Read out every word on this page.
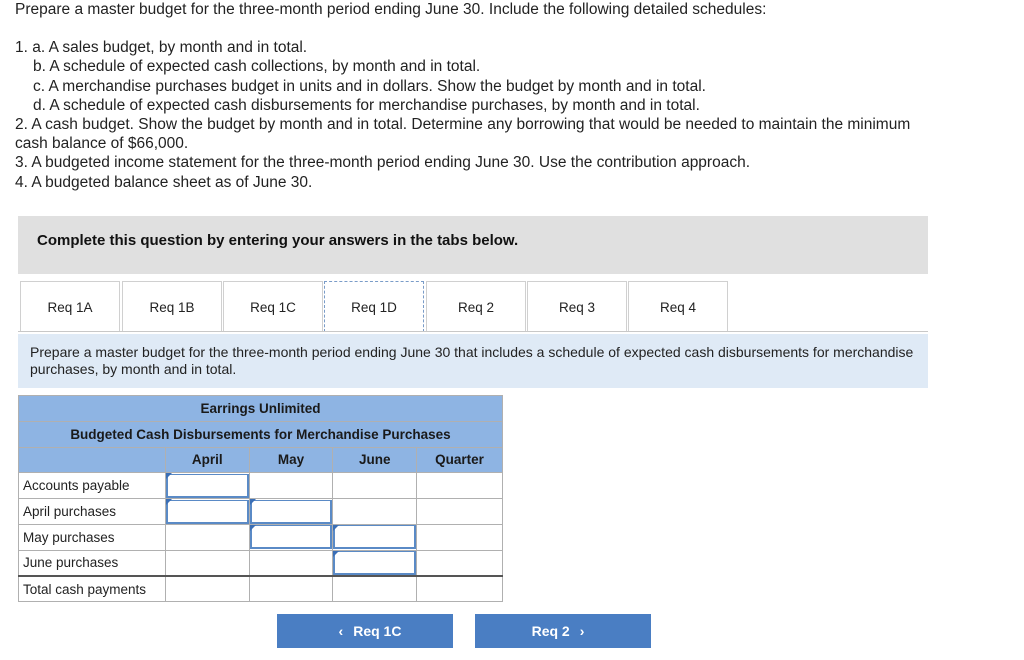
Prepare a master budget for the three-month period ending June 30. Include the following detailed schedules:
1. a. A sales budget, by month and in total.
b. A schedule of expected cash collections, by month and in total.
c. A merchandise purchases budget in units and in dollars. Show the budget by month and in total.
d. A schedule of expected cash disbursements for merchandise purchases, by month and in total.
2. A cash budget. Show the budget by month and in total. Determine any borrowing that would be needed to maintain the minimum
cash balance of $66,000.
3. A budgeted income statement for the three-month period ending June 30. Use the contribution approach.
4. A budgeted balance sheet as of June 30.
Complete this question by entering your answers in the tabs below.
Req 1A	Req 1B	Req 1C	Req 1D	Req 2	Req 3	Req 4
Prepare a master budget for the three-month period ending June 30 that includes a schedule of expected cash disbursements for merchandise purchases, by month and in total.
Earrings Unlimited				
Budgeted Cash Disbursements for Merchandise Purchases				
	April	May	June	Quarter
Accounts payable	

April purchases	

May purchases		

June purchases			

Total cash payments				
‹ Req 1C	Req 2 ›
